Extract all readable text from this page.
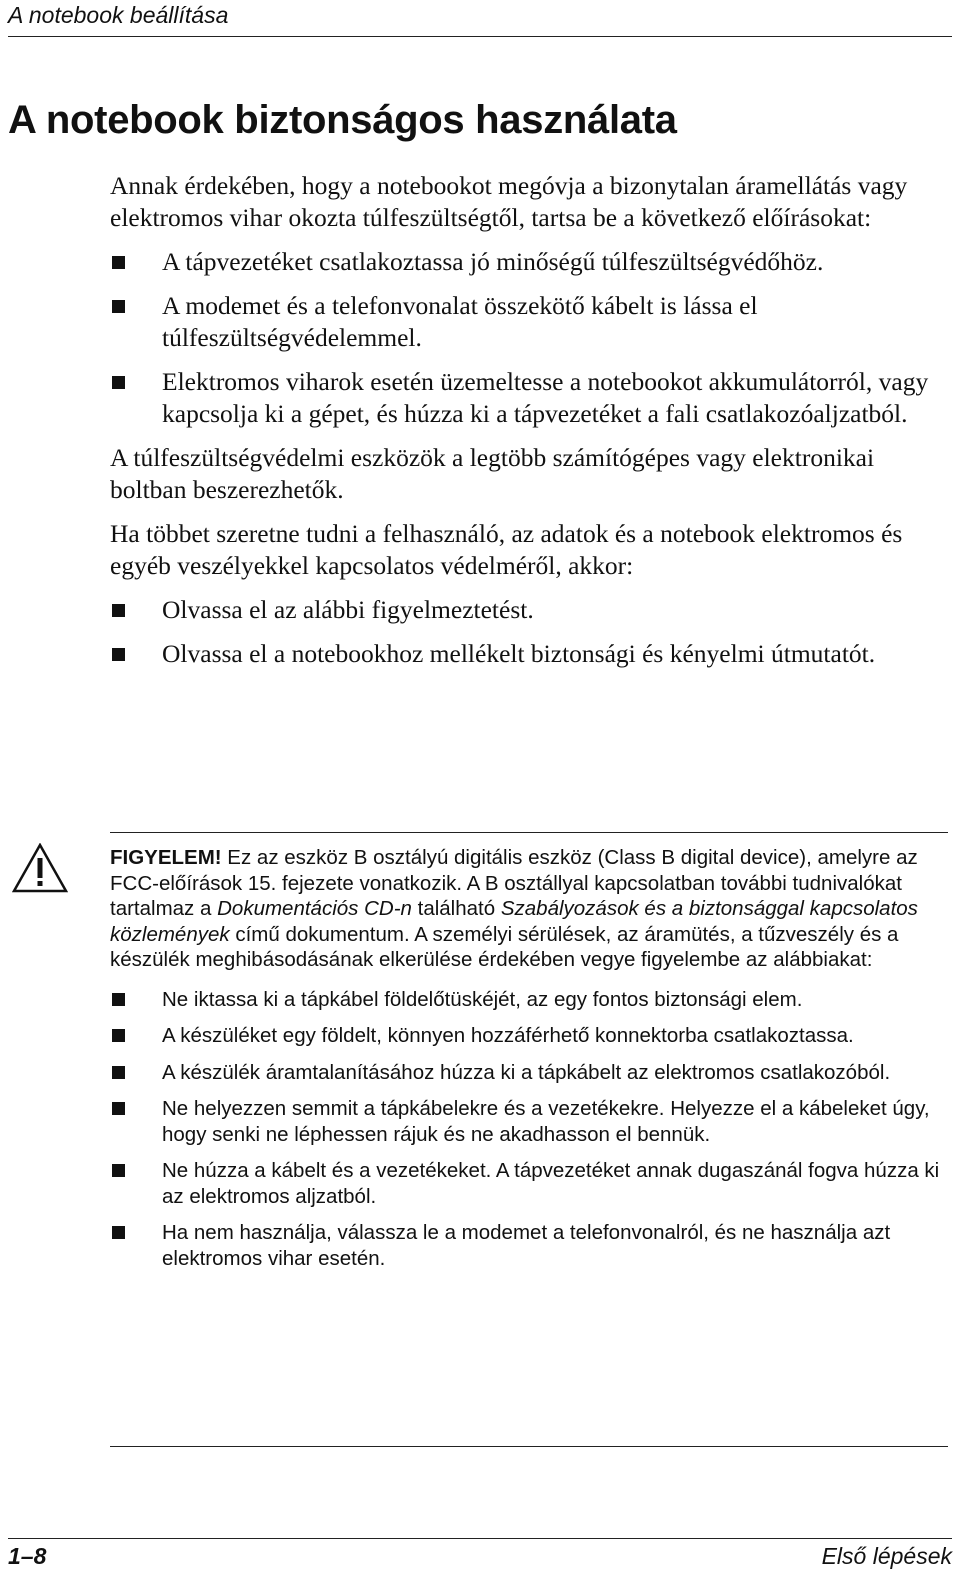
A notebook beállítása
A notebook biztonságos használata

Annak érdekében, hogy a notebookot megóvja a bizonytalan áramellátás vagy elektromos vihar okozta túlfeszültségtől, tartsa be a következő előírásokat:

A tápvezetéket csatlakoztassa jó minőségű túlfeszültségvédőhöz.
A modemet és a telefonvonalat összekötő kábelt is lássa el túlfeszültségvédelemmel.
Elektromos viharok esetén üzemeltesse a notebookot akkumulátorról, vagy kapcsolja ki a gépet, és húzza ki a tápvezetéket a fali csatlakozóaljzatból.

A túlfeszültségvédelmi eszközök a legtöbb számítógépes vagy elektronikai boltban beszerezhetők.

Ha többet szeretne tudni a felhasználó, az adatok és a notebook elektromos és egyéb veszélyekkel kapcsolatos védelméről, akkor:

Olvassa el az alábbi figyelmeztetést.
Olvassa el a notebookhoz mellékelt biztonsági és kényelmi útmutatót.

FIGYELEM! Ez az eszköz B osztályú digitális eszköz (Class B digital device), amelyre az FCC-előírások 15. fejezete vonatkozik. A B osztállyal kapcsolatban további tudnivalókat tartalmaz a Dokumentációs CD-n található Szabályozások és a biztonsággal kapcsolatos közlemények című dokumentum. A személyi sérülések, az áramütés, a tűzveszély és a készülék meghibásodásának elkerülése érdekében vegye figyelembe az alábbiakat:

Ne iktassa ki a tápkábel földelőtüskéjét, az egy fontos biztonsági elem.
A készüléket egy földelt, könnyen hozzáférhető konnektorba csatlakoztassa.
A készülék áramtalanításához húzza ki a tápkábelt az elektromos csatlakozóból.
Ne helyezzen semmit a tápkábelekre és a vezetékekre. Helyezze el a kábeleket úgy, hogy senki ne léphessen rájuk és ne akadhasson el bennük.
Ne húzza a kábelt és a vezetékeket. A tápvezetéket annak dugaszánál fogva húzza ki az elektromos aljzatból.
Ha nem használja, válassza le a modemet a telefonvonalról, és ne használja azt elektromos vihar esetén.
1–8	Első lépések
